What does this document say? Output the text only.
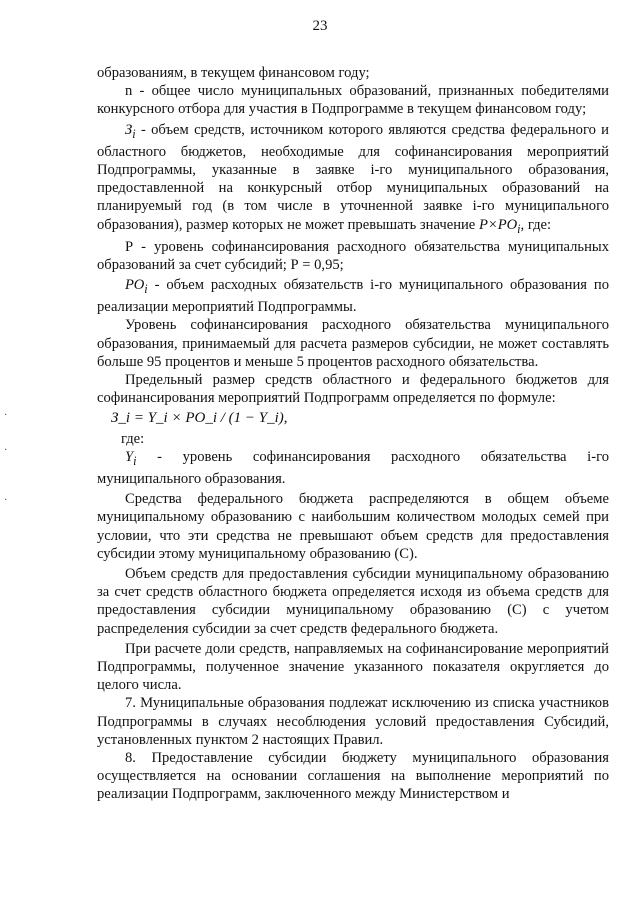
23

образованиям, в текущем финансовом году;

n - общее число муниципальных образований, признанных победителями конкурсного отбора для участия в Подпрограмме в текущем финансовом году;

$З_i$ - объем средств, источником которого являются средства федерального и областного бюджетов, необходимые для софинансирования мероприятий Подпрограммы, указанные в заявке i-го муниципального образования, предоставленной на конкурсный отбор муниципальных образований на планируемый год (в том числе в уточненной заявке i-го муниципального образования), размер которых не может превышать значение $P\times PO_i$, где:

Р - уровень софинансирования расходного обязательства муниципальных образований за счет субсидий; Р = 0,95;

$РО_i$ - объем расходных обязательств i-го муниципального образования по реализации мероприятий Подпрограммы.

Уровень софинансирования расходного обязательства муниципального образования, принимаемый для расчета размеров субсидии, не может составлять больше 95 процентов и меньше 5 процентов расходного обязательства.

Предельный размер средств областного и федерального бюджетов для софинансирования мероприятий Подпрограмм определяется по формуле:

З_i = Y_i × PO_i / (1 − Y_i),

где:

$Y_i$ - уровень софинансирования расходного обязательства i-го муниципального образования.

Средства федерального бюджета распределяются в общем объеме муниципальному образованию с наибольшим количеством молодых семей при условии, что эти средства не превышают объем средств для предоставления субсидии этому муниципальному образованию (С).

Объем средств для предоставления субсидии муниципальному образованию за счет средств областного бюджета определяется исходя из объема средств для предоставления субсидии муниципальному образованию (С) с учетом распределения субсидии за счет средств федерального бюджета.

При расчете доли средств, направляемых на софинансирование мероприятий Подпрограммы, полученное значение указанного показателя округляется до целого числа.

7. Муниципальные образования подлежат исключению из списка участников Подпрограммы в случаях несоблюдения условий предоставления Субсидий, установленных пунктом 2 настоящих Правил.

8. Предоставление субсидии бюджету муниципального образования осуществляется на основании соглашения на выполнение мероприятий по реализации Подпрограмм, заключенного между Министерством и

·
·
·
